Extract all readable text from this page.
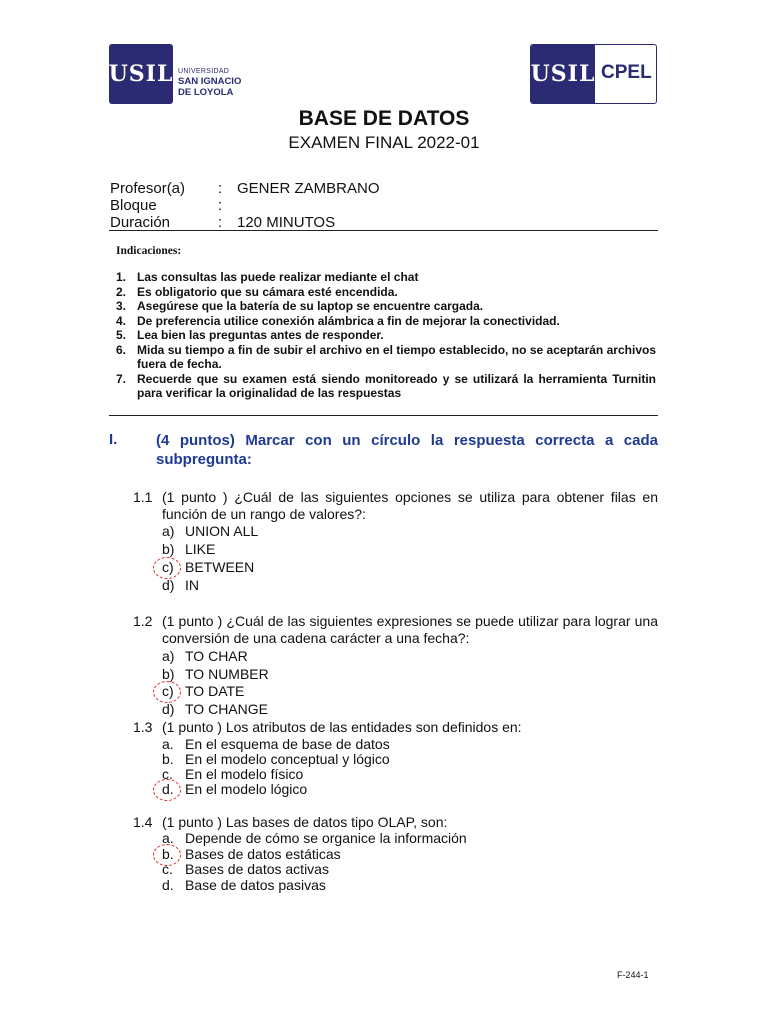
USIL UNIVERSIDAD
SAN IGNACIO
DE LOYOLA
USIL CPEL
BASE DE DATOS
EXAMEN FINAL 2022-01
Profesor(a) : GENER ZAMBRANO
Bloque	:
Duración	: 120 MINUTOS
Indicaciones:
1. Las consultas las puede realizar mediante el chat
2. Es obligatorio que su cámara esté encendida.
3. Asegúrese que la batería de su laptop se encuentre cargada.
4. De preferencia utilice conexión alámbrica a fin de mejorar la conectividad.
5. Lea bien las preguntas antes de responder.
6. Mida su tiempo a fin de subir el archivo en el tiempo establecido, no se aceptarán archivos fuera de fecha.
7. Recuerde que su examen está siendo monitoreado y se utilizará la herramienta Turnitin para verificar la originalidad de las respuestas
I.	(4 puntos) Marcar con un círculo la respuesta correcta a cada subpregunta:
1.1 (1 punto ) ¿Cuál de las siguientes opciones se utiliza para obtener filas en función de un rango de valores?:
a) UNION ALL
b) LIKE
c) BETWEEN
d) IN
1.2 (1 punto ) ¿Cuál de las siguientes expresiones se puede utilizar para lograr una conversión de una cadena carácter a una fecha?:
a) TO CHAR
b) TO NUMBER
c) TO DATE
d) TO CHANGE
1.3 (1 punto ) Los atributos de las entidades son definidos en:
a. En el esquema de base de datos
b. En el modelo conceptual y lógico
c. En el modelo físico
d. En el modelo lógico
1.4 (1 punto ) Las bases de datos tipo OLAP, son:
a. Depende de cómo se organice la información
b. Bases de datos estáticas
c. Bases de datos activas
d. Base de datos pasivas
F-244-1
